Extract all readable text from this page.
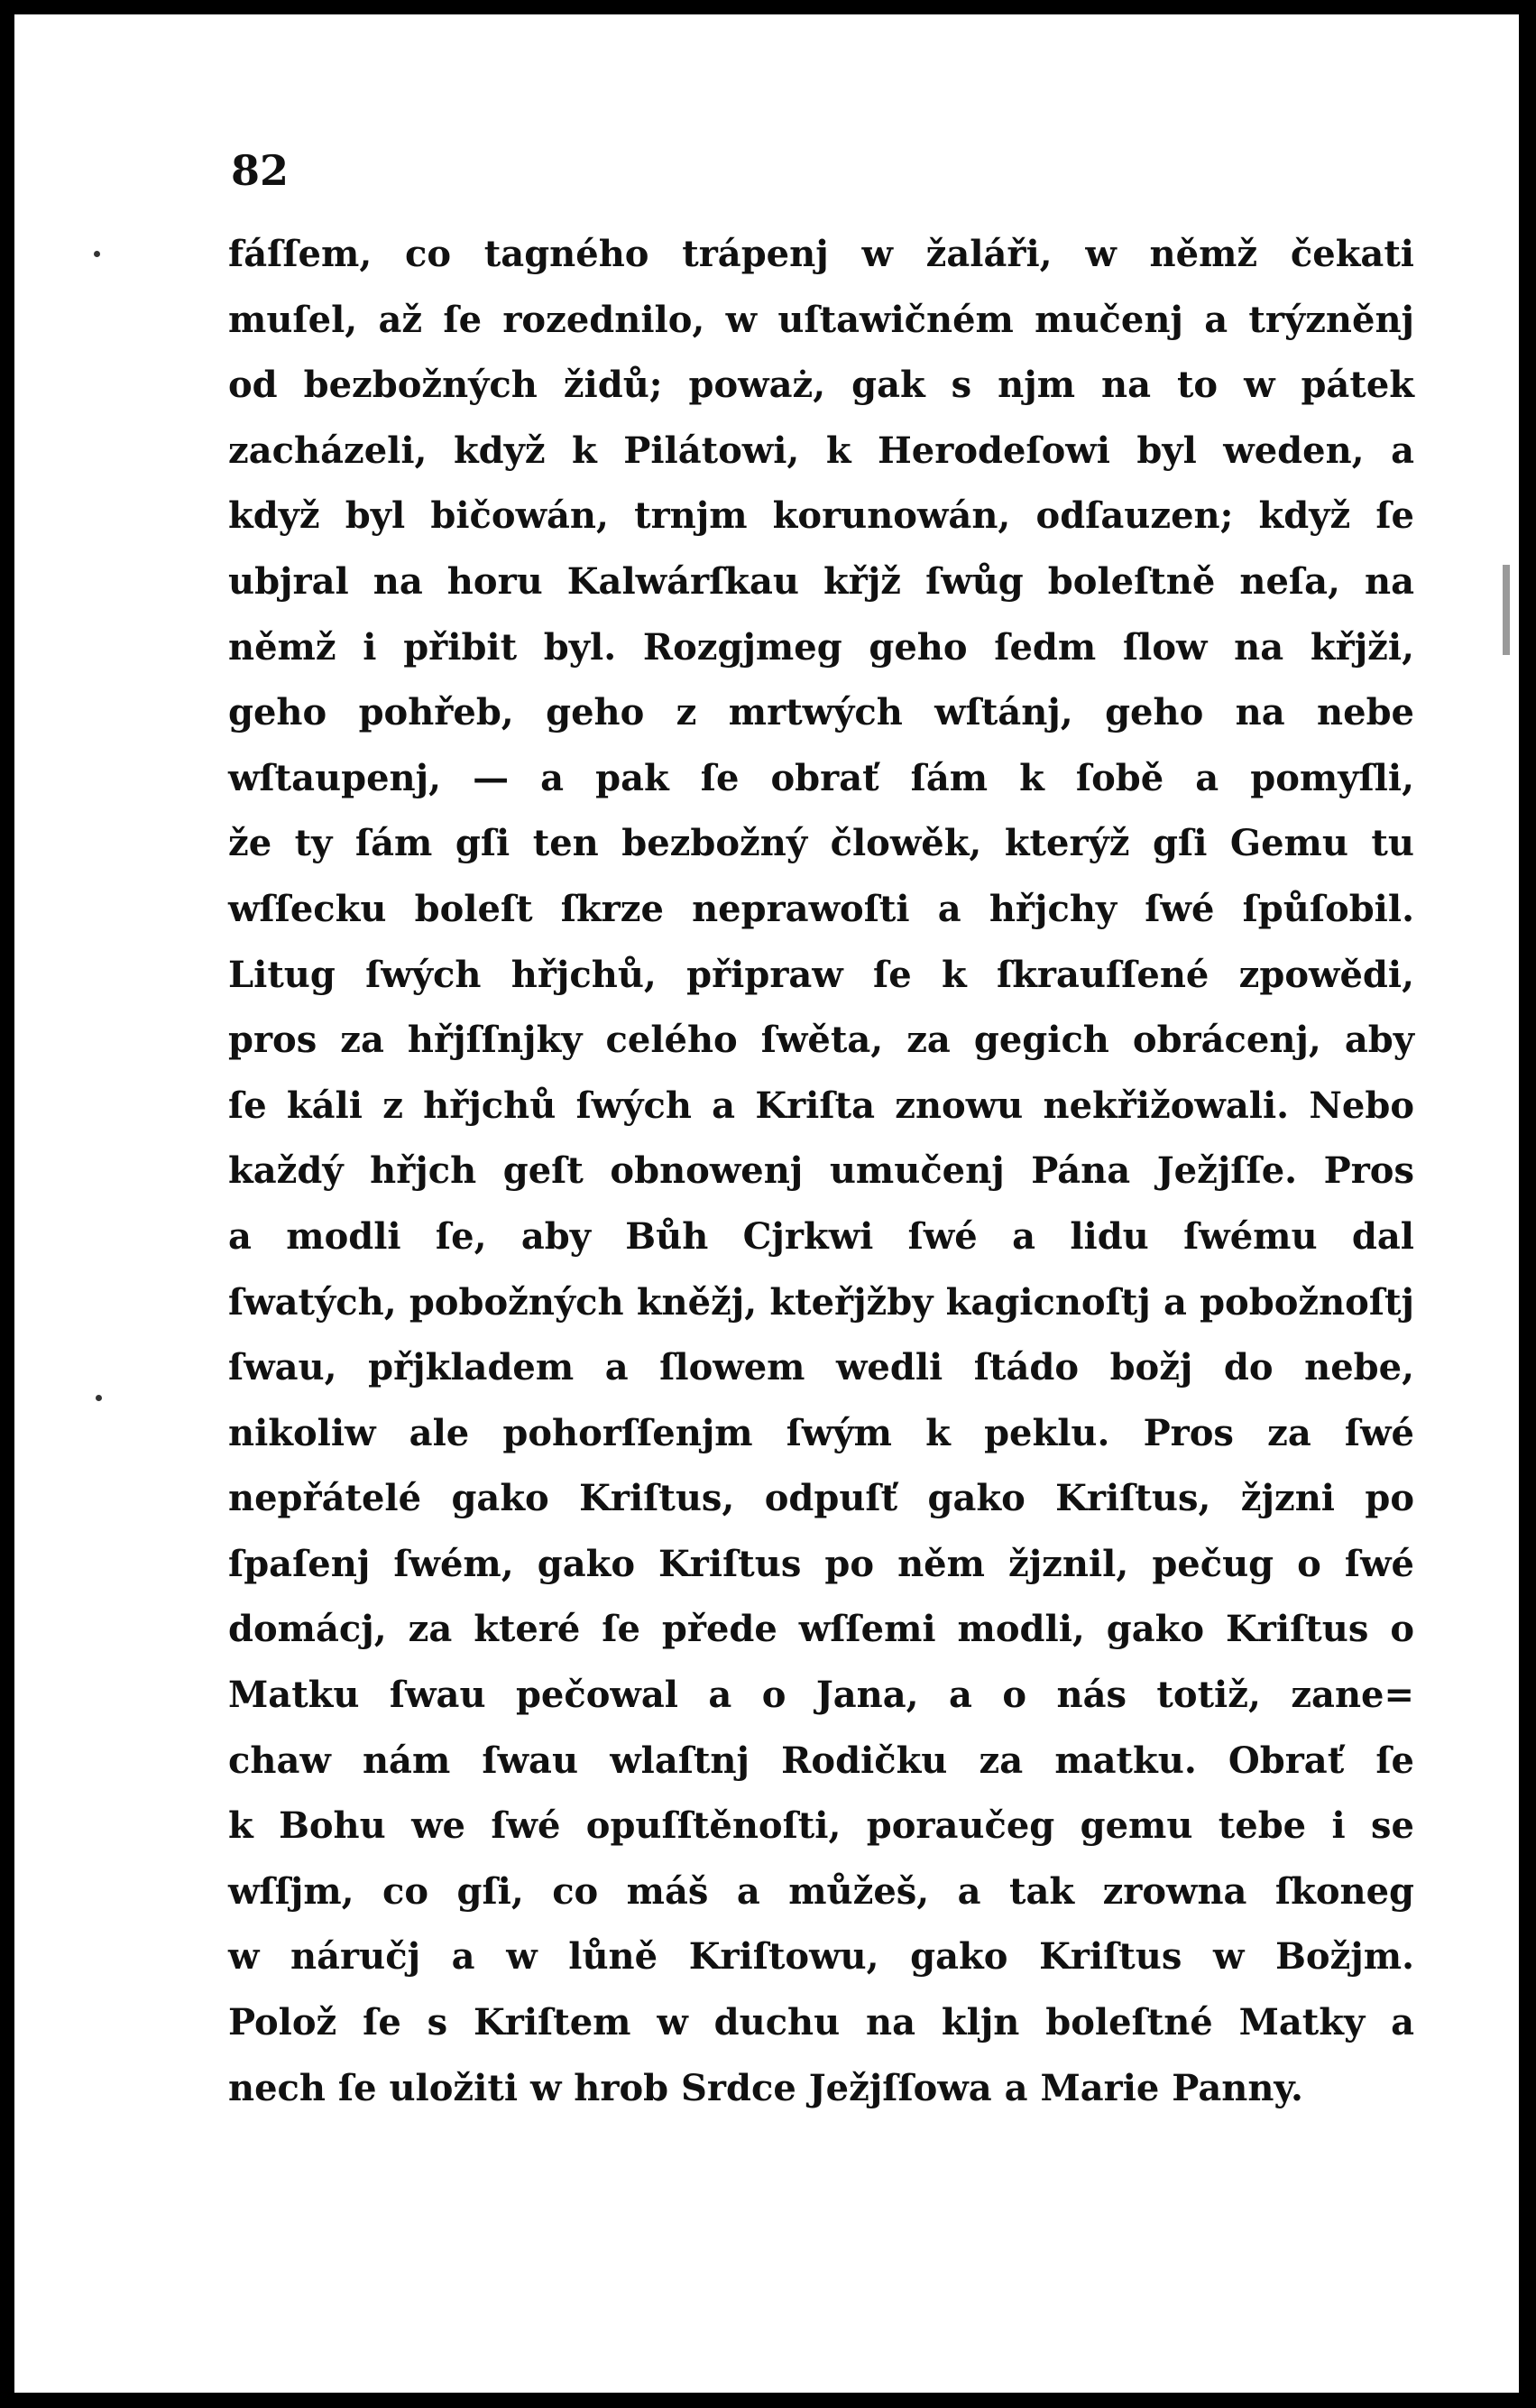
82
fáſſem, co tagného trápenj w žaláři, w němž čekati
muſel, až ſe rozednilo, w uſtawičném mučenj a trýzněnj
od bezbožných židů; poważ, gak s njm na to w pátek
zacházeli, když k Pilátowi, k Herodeſowi byl weden, a
když byl bičowán, trnjm korunowán, odſauzen; když ſe
ubjral na horu Kalwárſkau křjž ſwůg boleſtně neſa, na
němž i přibit byl. Rozgjmeg geho ſedm ſlow na křjži,
geho pohřeb, geho z mrtwých wſtánj, geho na nebe
wſtaupenj, — a pak ſe obrať ſám k ſobě a pomyſli,
že ty ſám gſi ten bezbožný člowěk, kterýž gſi Gemu tu
wſſecku boleſt ſkrze neprawoſti a hřjchy ſwé ſpůſobil.
Litug ſwých hřjchů, připraw ſe k ſkrauſſené zpowědi,
pros za hřjſſnjky celého ſwěta, za gegich obrácenj, aby
ſe káli z hřjchů ſwých a Kriſta znowu nekřižowali. Nebo
každý hřjch geſt obnowenj umučenj Pána Ježjſſe. Pros
a modli ſe, aby Bůh Cjrkwi ſwé a lidu ſwému dal
ſwatých, pobožných kněžj, kteřjžby kagicnoſtj a pobožnoſtj
ſwau, přjkladem a ſlowem wedli ſtádo božj do nebe,
nikoliw ale pohorſſenjm ſwým k peklu. Pros za ſwé
nepřátelé gako Kriſtus, odpuſť gako Kriſtus, žjzni po
ſpaſenj ſwém, gako Kriſtus po něm žjznil, pečug o ſwé
domácj, za které ſe přede wſſemi modli, gako Kriſtus o
Matku ſwau pečowal a o Jana, a o nás totiž, zane=
chaw nám ſwau wlaſtnj Rodičku za matku. Obrať ſe
k Bohu we ſwé opuſſtěnoſti, poraučeg gemu tebe i se
wſſjm, co gſi, co máš a můžeš, a tak zrowna ſkoneg
w náručj a w lůně Kriſtowu, gako Kriſtus w Božjm.
Polož ſe s Kriſtem w duchu na kljn boleſtné Matky a
nech ſe uložiti w hrob Srdce Ježjſſowa a Marie Panny.
